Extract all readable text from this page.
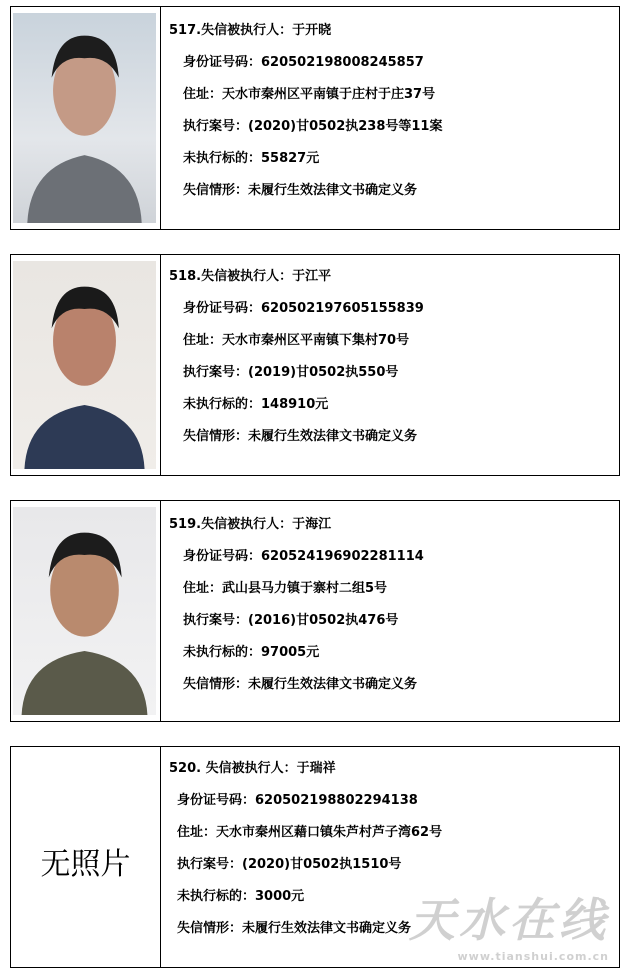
517.失信被执行人：于开晓
身份证号码：620502198008245857
住址：天水市秦州区平南镇于庄村于庄37号
执行案号：(2020)甘0502执238号等11案
未执行标的：55827元
失信情形：未履行生效法律文书确定义务
518.失信被执行人：于江平
身份证号码：620502197605155839
住址：天水市秦州区平南镇下集村70号
执行案号：(2019)甘0502执550号
未执行标的：148910元
失信情形：未履行生效法律文书确定义务
519.失信被执行人：于海江
身份证号码：620524196902281114
住址：武山县马力镇于寨村二组5号
执行案号：(2016)甘0502执476号
未执行标的：97005元
失信情形：未履行生效法律文书确定义务
无照片
520. 失信被执行人：于瑞祥
身份证号码：620502198802294138
住址：天水市秦州区藉口镇朱芦村芦子湾62号
执行案号：(2020)甘0502执1510号
未执行标的：3000元
失信情形：未履行生效法律文书确定义务
天水在线
www.tianshui.com.cn
